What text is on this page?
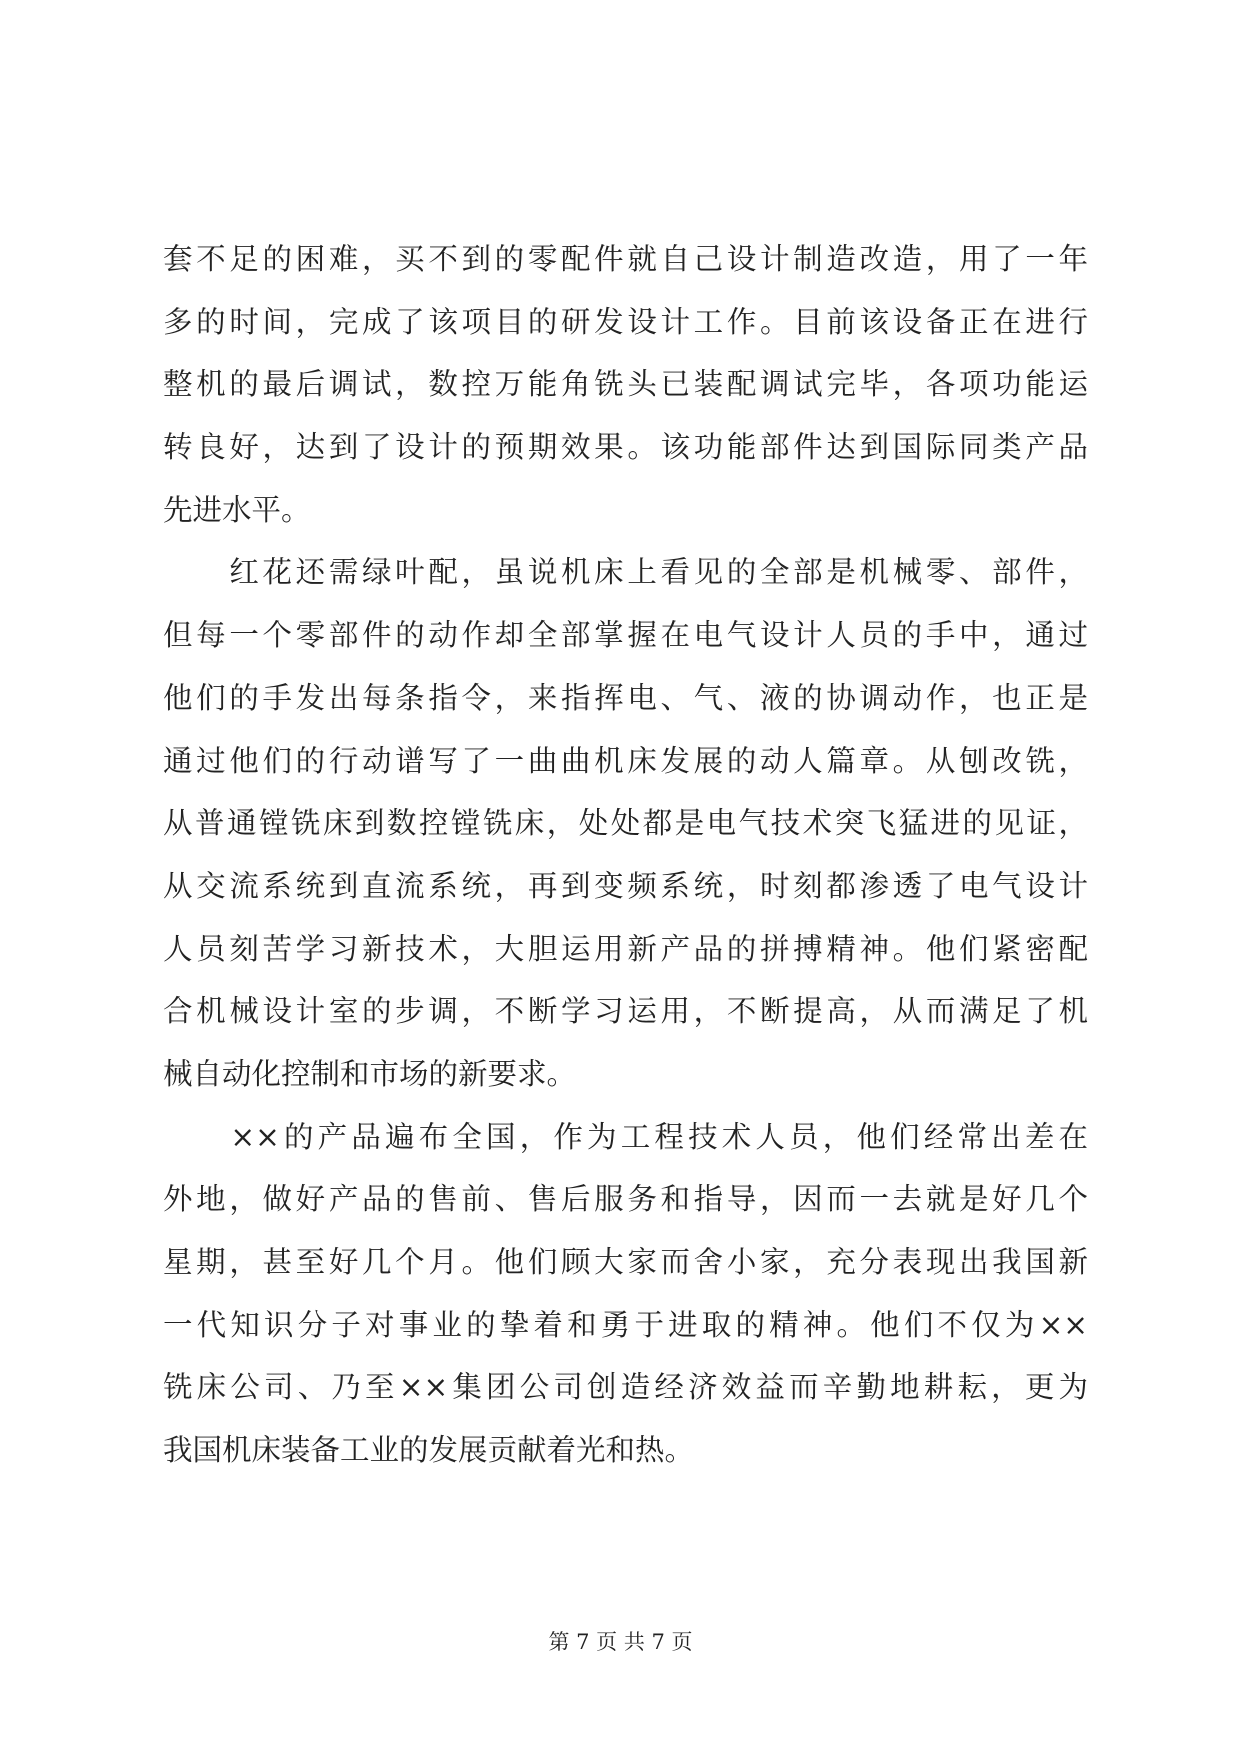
套不足的困难，买不到的零配件就自己设计制造改造，用了一年
多的时间，完成了该项目的研发设计工作。目前该设备正在进行
整机的最后调试，数控万能角铣头已装配调试完毕，各项功能运
转良好，达到了设计的预期效果。该功能部件达到国际同类产品
先进水平。
　　红花还需绿叶配，虽说机床上看见的全部是机械零、部件，
但每一个零部件的动作却全部掌握在电气设计人员的手中，通过
他们的手发出每条指令，来指挥电、气、液的协调动作，也正是
通过他们的行动谱写了一曲曲机床发展的动人篇章。从刨改铣，
从普通镗铣床到数控镗铣床，处处都是电气技术突飞猛进的见证，
从交流系统到直流系统，再到变频系统，时刻都渗透了电气设计
人员刻苦学习新技术，大胆运用新产品的拼搏精神。他们紧密配
合机械设计室的步调，不断学习运用，不断提高，从而满足了机
械自动化控制和市场的新要求。
　　××的产品遍布全国，作为工程技术人员，他们经常出差在
外地，做好产品的售前、售后服务和指导，因而一去就是好几个
星期，甚至好几个月。他们顾大家而舍小家，充分表现出我国新
一代知识分子对事业的挚着和勇于进取的精神。他们不仅为××
铣床公司、乃至××集团公司创造经济效益而辛勤地耕耘，更为
我国机床装备工业的发展贡献着光和热。
第 7 页 共 7 页
